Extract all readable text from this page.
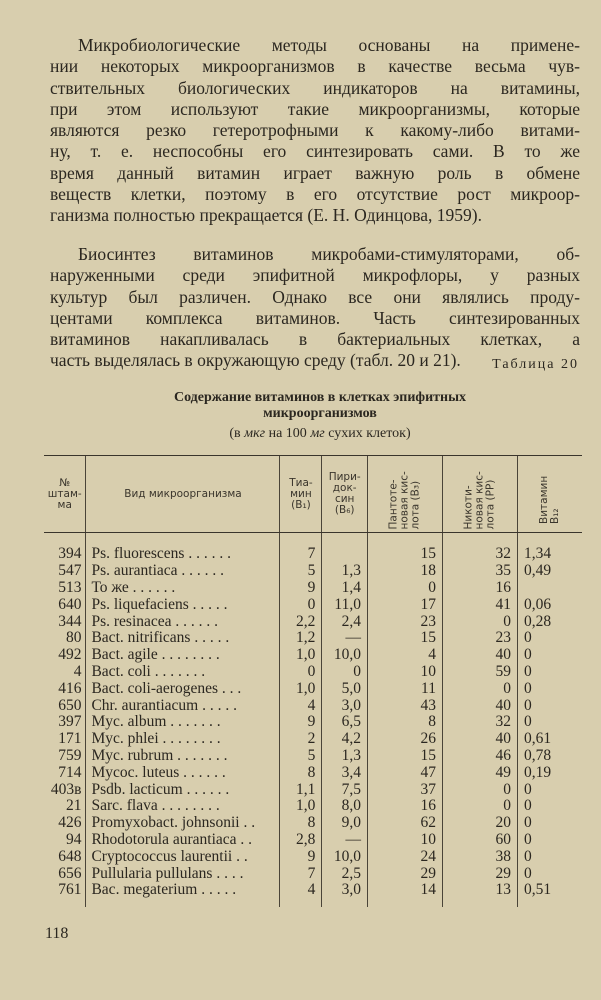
Микробиологические методы основаны на примене-
нии некоторых микроорганизмов в качестве весьма чув-
ствительных биологических индикаторов на витамины,
при этом используют такие микроорганизмы, которые
являются резко гетеротрофными к какому-либо витами-
ну, т. е. неспособны его синтезировать сами. В то же
время данный витамин играет важную роль в обмене
веществ клетки, поэтому в его отсутствие рост микроор-
ганизма полностью прекращается (Е. Н. Одинцова, 1959).
Биосинтез витаминов микробами-стимуляторами, об-
наруженными среди эпифитной микрофлоры, у разных
культур был различен. Однако все они являлись проду-
центами комплекса витаминов. Часть синтезированных
витаминов накапливалась в бактериальных клетках, а
часть выделялась в окружающую среду (табл. 20 и 21).	Таблица 20
Содержание витаминов в клетках эпифитных
микроорганизмов
(в мкг на 100 мг сухих клеток)
№ штам-ма	Вид микроорганизма	Тиа-мин (B₁)	Пири-док-син (B₆)	Пантоте-новая кис-лота (B₃)	Никоти-новая кис-лота (PP)	Витамин B₁₂
394	Ps. fluorescens . . . . . .	7		15	32	1,34
547	Ps. aurantiaca . . . . . .	5	1,3	18	35	0,49
513	То же . . . . . .	9	1,4	0	16	
640	Ps. liquefaciens . . . . .	0	11,0	17	41	0,06
344	Ps. resinacea . . . . . .	2,2	2,4	23	0	0,28
80	Bact. nitrificans . . . . .	1,2	—	15	23	0
492	Bact. agile . . . . . . . .	1,0	10,0	4	40	0
4	Bact. coli . . . . . . .	0	0	10	59	0
416	Bact. coli-aerogenes . . .	1,0	5,0	11	0	0
650	Chr. aurantiacum . . . . .	4	3,0	43	40	0
397	Myc. album . . . . . . .	9	6,5	8	32	0
171	Myc. phlei . . . . . . . .	2	4,2	26	40	0,61
759	Myc. rubrum . . . . . . .	5	1,3	15	46	0,78
714	Mycoc. luteus . . . . . .	8	3,4	47	49	0,19
403в	Psdb. lacticum . . . . . .	1,1	7,5	37	0	0
21	Sarc. flava . . . . . . . .	1,0	8,0	16	0	0
426	Promyxobact. johnsonii . .	8	9,0	62	20	0
94	Rhodotorula aurantiaca . .	2,8	—	10	60	0
648	Cryptococcus laurentii . .	9	10,0	24	38	0
656	Pullularia pullulans . . . .	7	2,5	29	29	0
761	Bac. megaterium . . . . .	4	3,0	14	13	0,51
118
